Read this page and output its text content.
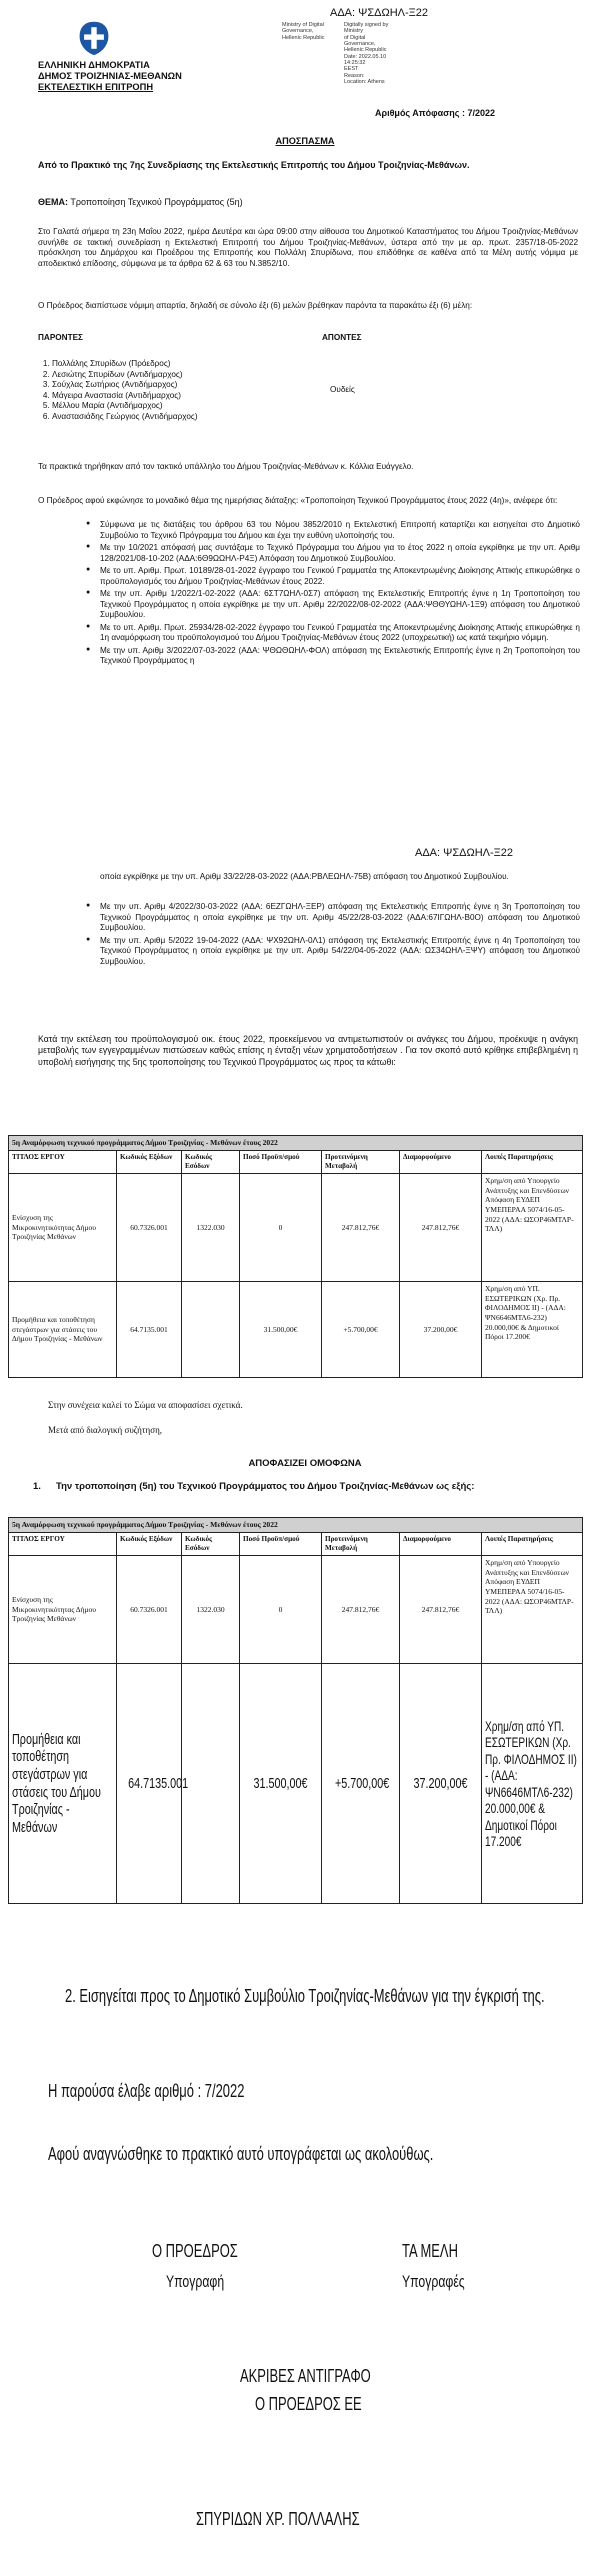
ΑΔΑ: ΨΣΔΩΗΛ-Ξ22
Ministry of Digital
Governance,
Hellenic Republic
Digitally signed by Ministry
of Digital Governance,
Hellenic Republic
Date: 2022.05.10 14:25:32
EEST
Reason:
Location: Athens
ΕΛΛΗΝΙΚΗ ΔΗΜΟΚΡΑΤΙΑ
ΔΗΜΟΣ ΤΡΟΙΖΗΝΙΑΣ-ΜΕΘΑΝΩΝ
ΕΚΤΕΛΕΣΤΙΚΗ ΕΠΙΤΡΟΠΗ
Αριθμός Απόφασης : 7/2022
ΑΠΟΣΠΑΣΜΑ
Από το Πρακτικό της 7ης Συνεδρίασης της Εκτελεστικής Επιτροπής του Δήμου Τροιζηνίας-Μεθάνων.
ΘΕΜΑ: Τροποποίηση Τεχνικού Προγράμματος (5η)
Στο Γαλατά σήμερα τη 23η Μαΐου 2022, ημέρα Δευτέρα και ώρα 09:00 στην αίθουσα του Δημοτικού Καταστήματος του Δήμου Τροιζηνίας-Μεθάνων συνήλθε σε τακτική συνεδρίαση η Εκτελεστική Επιτροπή του Δήμου Τροιζηνίας-Μεθάνων, ύστερα από την με αρ. πρωτ. 2357/18-05-2022 πρόσκληση του Δημάρχου και Προέδρου της Επιτροπής κου Πολλάλη Σπυρίδωνα, που επιδόθηκε σε καθένα από τα Μέλη αυτής νόμιμα με αποδεικτικό επίδοσης, σύμφωνα με τα άρθρα 62 & 63 του Ν.3852/10.
Ο Πρόεδρος διαπίστωσε νόμιμη απαρτία, δηλαδή σε σύνολο έξι (6) μελών βρέθηκαν παρόντα τα παρακάτω έξι (6) μέλη:
ΠΑΡΟΝΤΕΣ	ΑΠΟΝΤΕΣ
1. Πολλάλης Σπυρίδων (Πρόεδρος)
2. Λεσιώτης Σπυρίδων (Αντιδήμαρχος)
3. Σούχλας Σωτήριος (Αντιδήμαρχος)
4. Μάγειρα Αναστασία (Αντιδήμαρχος)
5. Μέλλου Μαρία (Αντιδήμαρχος)
6. Αναστασιάδης Γεώργιος (Αντιδήμαρχος)
Ουδείς
Τα πρακτικά τηρήθηκαν από τον τακτικό υπάλληλο του Δήμου Τροιζηνίας-Μεθάνων κ. Κόλλια Ευάγγελο.
Ο Πρόεδρος αφού εκφώνησε το μοναδικό θέμα της ημερήσιας διάταξης: «Τροποποίηση Τεχνικού Προγράμματος έτους 2022 (4η)», ανέφερε ότι:
● Σύμφωνα με τις διατάξεις του άρθρου 63 του Νόμου 3852/2010 η Εκτελεστική Επιτροπή καταρτίζει και εισηγείται στο Δημοτικό Συμβούλιο το Τεχνικό Πρόγραμμα του Δήμου και έχει την ευθύνη υλοποίησής του.
● Με την 10/2021 απόφασή μας συντάξαμε το Τεχνικό Πρόγραμμα του Δήμου για το έτος 2022 η οποία εγκρίθηκε με την υπ. Αριθμ 128/2021/08-10-202 (ΑΔΑ:6Θ9ΩΩΗΛ-Ρ4Ξ) Απόφαση του Δημοτικού Συμβουλίου.
● Με το υπ. Αριθμ. Πρωτ. 10189/28-01-2022 έγγραφο του Γενικού Γραμματέα της Αποκεντρωμένης Διοίκησης Αττικής επικυρώθηκε ο προϋπολογισμός του Δήμου Τροιζηνίας-Μεθάνων έτους 2022.
● Με την υπ. Αριθμ 1/2022/1-02-2022 (ΑΔΑ: 6ΣΤ7ΩΗΛ-0Σ7) απόφαση της Εκτελεστικής Επιτροπής έγινε η 1η Τροποποίηση του Τεχνικού Προγράμματος η οποία εγκρίθηκε με την υπ. Αριθμ 22/2022/08-02-2022 (ΑΔΑ:ΨΘΘΥΩΗΛ-1Ξ9) απόφαση του Δημοτικού Συμβουλίου.
● Με το υπ. Αριθμ. Πρωτ. 25934/28-02-2022 έγγραφο του Γενικού Γραμματέα της Αποκεντρωμένης Διοίκησης Αττικής επικυρώθηκε η 1η αναμόρφωση του προϋπολογισμού του Δήμου Τροιζηνίας-Μεθάνων έτους 2022 (υποχρεωτική) ως κατά τεκμήριο νόμιμη.
● Με την υπ. Αριθμ 3/2022/07-03-2022 (ΑΔΑ: ΨΘΩΘΩΗΛ-ΦΟΛ) απόφαση της Εκτελεστικής Επιτροπής έγινε η 2η Τροποποίηση του Τεχνικού Προγράμματος η
ΑΔΑ: ΨΣΔΩΗΛ-Ξ22
οποία εγκρίθηκε με την υπ. Αριθμ 33/22/28-03-2022 (ΑΔΑ:ΡΒΛΕΩΗΛ-75Β) απόφαση του Δημοτικού Συμβουλίου.
● Με την υπ. Αριθμ 4/2022/30-03-2022 (ΑΔΑ: 6ΕΖΓΩΗΛ-ΞΕΡ) απόφαση της Εκτελεστικής Επιτροπής έγινε η 3η Τροποποίηση του Τεχνικού Προγράμματος η οποία εγκρίθηκε με την υπ. Αριθμ 45/22/28-03-2022 (ΑΔΑ:67ΙΓΩΗΛ-Β0Ο) απόφαση του Δημοτικού Συμβουλίου.
● Με την υπ. Αριθμ 5/2022 19-04-2022 (ΑΔΑ: ΨΧ92ΩΗΛ-0Λ1) απόφαση της Εκτελεστικής Επιτροπής έγινε η 4η Τροποποίηση του Τεχνικού Προγράμματος η οποία εγκρίθηκε με την υπ. Αριθμ 54/22/04-05-2022 (ΑΔΑ: ΩΣ34ΩΗΛ-ΞΨΥ) απόφαση του Δημοτικού Συμβουλίου.
Κατά την εκτέλεση του προϋπολογισμού οικ. έτους 2022, προεκείμενου να αντιμετωπιστούν οι ανάγκες του Δήμου, προέκυψε η ανάγκη μεταβολής των εγγεγραμμένων πιστώσεων καθώς επίσης η ένταξη νέων χρηματοδοτήσεων . Για τον σκοπό αυτό κρίθηκε επιβεβλημένη η υποβολή εισήγησης της 5ης τροποποίησης του Τεχνικού Προγράμματος ως προς τα κάτωθι:
5η Αναμόρφωση τεχνικού προγράμματος Δήμου Τροιζηνίας - Μεθάνων έτους 2022						
ΤΙΤΛΟΣ ΕΡΓΟΥ	Κωδικός Εξόδων	Κωδικός Εσόδων	Ποσό Προϋπ/σμού	Προτεινόμενη Μεταβολή	Διαμορφούμενο	Λοιπές Παρατηρήσεις
Ενίσχυση της Μικροκινητικότητας Δήμου Τροιζηνίας Μεθάνων	60.7326.001	1322.030	0	247.812,76€	247.812,76€	Χρημ/ση από Υπουργείο Ανάπτυξης και Επενδύσεων Απόφαση ΕΥΔΕΠ ΥΜΕΠΕΡΑΑ 5074/16-05-2022 (ΑΔΑ: ΩΣΟΡ46ΜΤΛΡ-ΤΛΛ)
Προμήθεια και τοποθέτηση στεγάστρων για στάσεις του Δήμου Τροιζηνίας - Μεθάνων	64.7135.001		31.500,00€	+5.700,00€	37.200,00€	Χρημ/ση από ΥΠ. ΕΣΩΤΕΡΙΚΩΝ (Χρ. Πρ. ΦΙΛΟΔΗΜΟΣ ΙΙ) - (ΑΔΑ: ΨΝ6646ΜΤΛ6-232) 20.000,00€ & Δημοτικοί Πόροι 17.200€
Στην συνέχεια καλεί το Σώμα να αποφασίσει σχετικά.
Μετά από διαλογική συζήτηση,
ΑΠΟΦΑΣΙΖΕΙ ΟΜΟΦΩΝΑ
1. Την τροποποίηση (5η) του Τεχνικού Προγράμματος του Δήμου Τροιζηνίας-Μεθάνων ως εξής:
5η Αναμόρφωση τεχνικού προγράμματος Δήμου Τροιζηνίας - Μεθάνων έτους 2022						
ΤΙΤΛΟΣ ΕΡΓΟΥ	Κωδικός Εξόδων	Κωδικός Εσόδων	Ποσό Προϋπ/σμού	Προτεινόμενη Μεταβολή	Διαμορφούμενο	Λοιπές Παρατηρήσεις
Ενίσχυση της Μικροκινητικότητας Δήμου Τροιζηνίας Μεθάνων	60.7326.001	1322.030	0	247.812,76€	247.812,76€	Χρημ/ση από Υπουργείο Ανάπτυξης και Επενδύσεων Απόφαση ΕΥΔΕΠ ΥΜΕΠΕΡΑΑ 5074/16-05-2022 (ΑΔΑ: ΩΣΟΡ46ΜΤΛΡ-ΤΛΛ)

Προμήθεια και τοποθέτηση στεγάστρων για στάσεις του Δήμου Τροιζηνίας - Μεθάνων	64.7135.001		31.500,00€	+5.700,00€	37.200,00€	Χρημ/ση από ΥΠ. ΕΣΩΤΕΡΙΚΩΝ (Χρ. Πρ. ΦΙΛΟΔΗΜΟΣ ΙΙ) - (ΑΔΑ: ΨΝ6646ΜΤΛ6-232) 20.000,00€ & Δημοτικοί Πόροι 17.200€
2. Εισηγείται προς το Δημοτικό Συμβούλιο Τροιζηνίας-Μεθάνων για την έγκρισή της.
Η παρούσα έλαβε αριθμό : 7/2022
Αφού αναγνώσθηκε το πρακτικό αυτό υπογράφεται ως ακολούθως.
Ο ΠΡΟΕΔΡΟΣ
Υπογραφή
ΤΑ ΜΕΛΗ
Υπογραφές
ΑΚΡΙΒΕΣ ΑΝΤΙΓΡΑΦΟ
Ο ΠΡΟΕΔΡΟΣ ΕΕ
ΣΠΥΡΙΔΩΝ ΧΡ. ΠΟΛΛΑΛΗΣ
